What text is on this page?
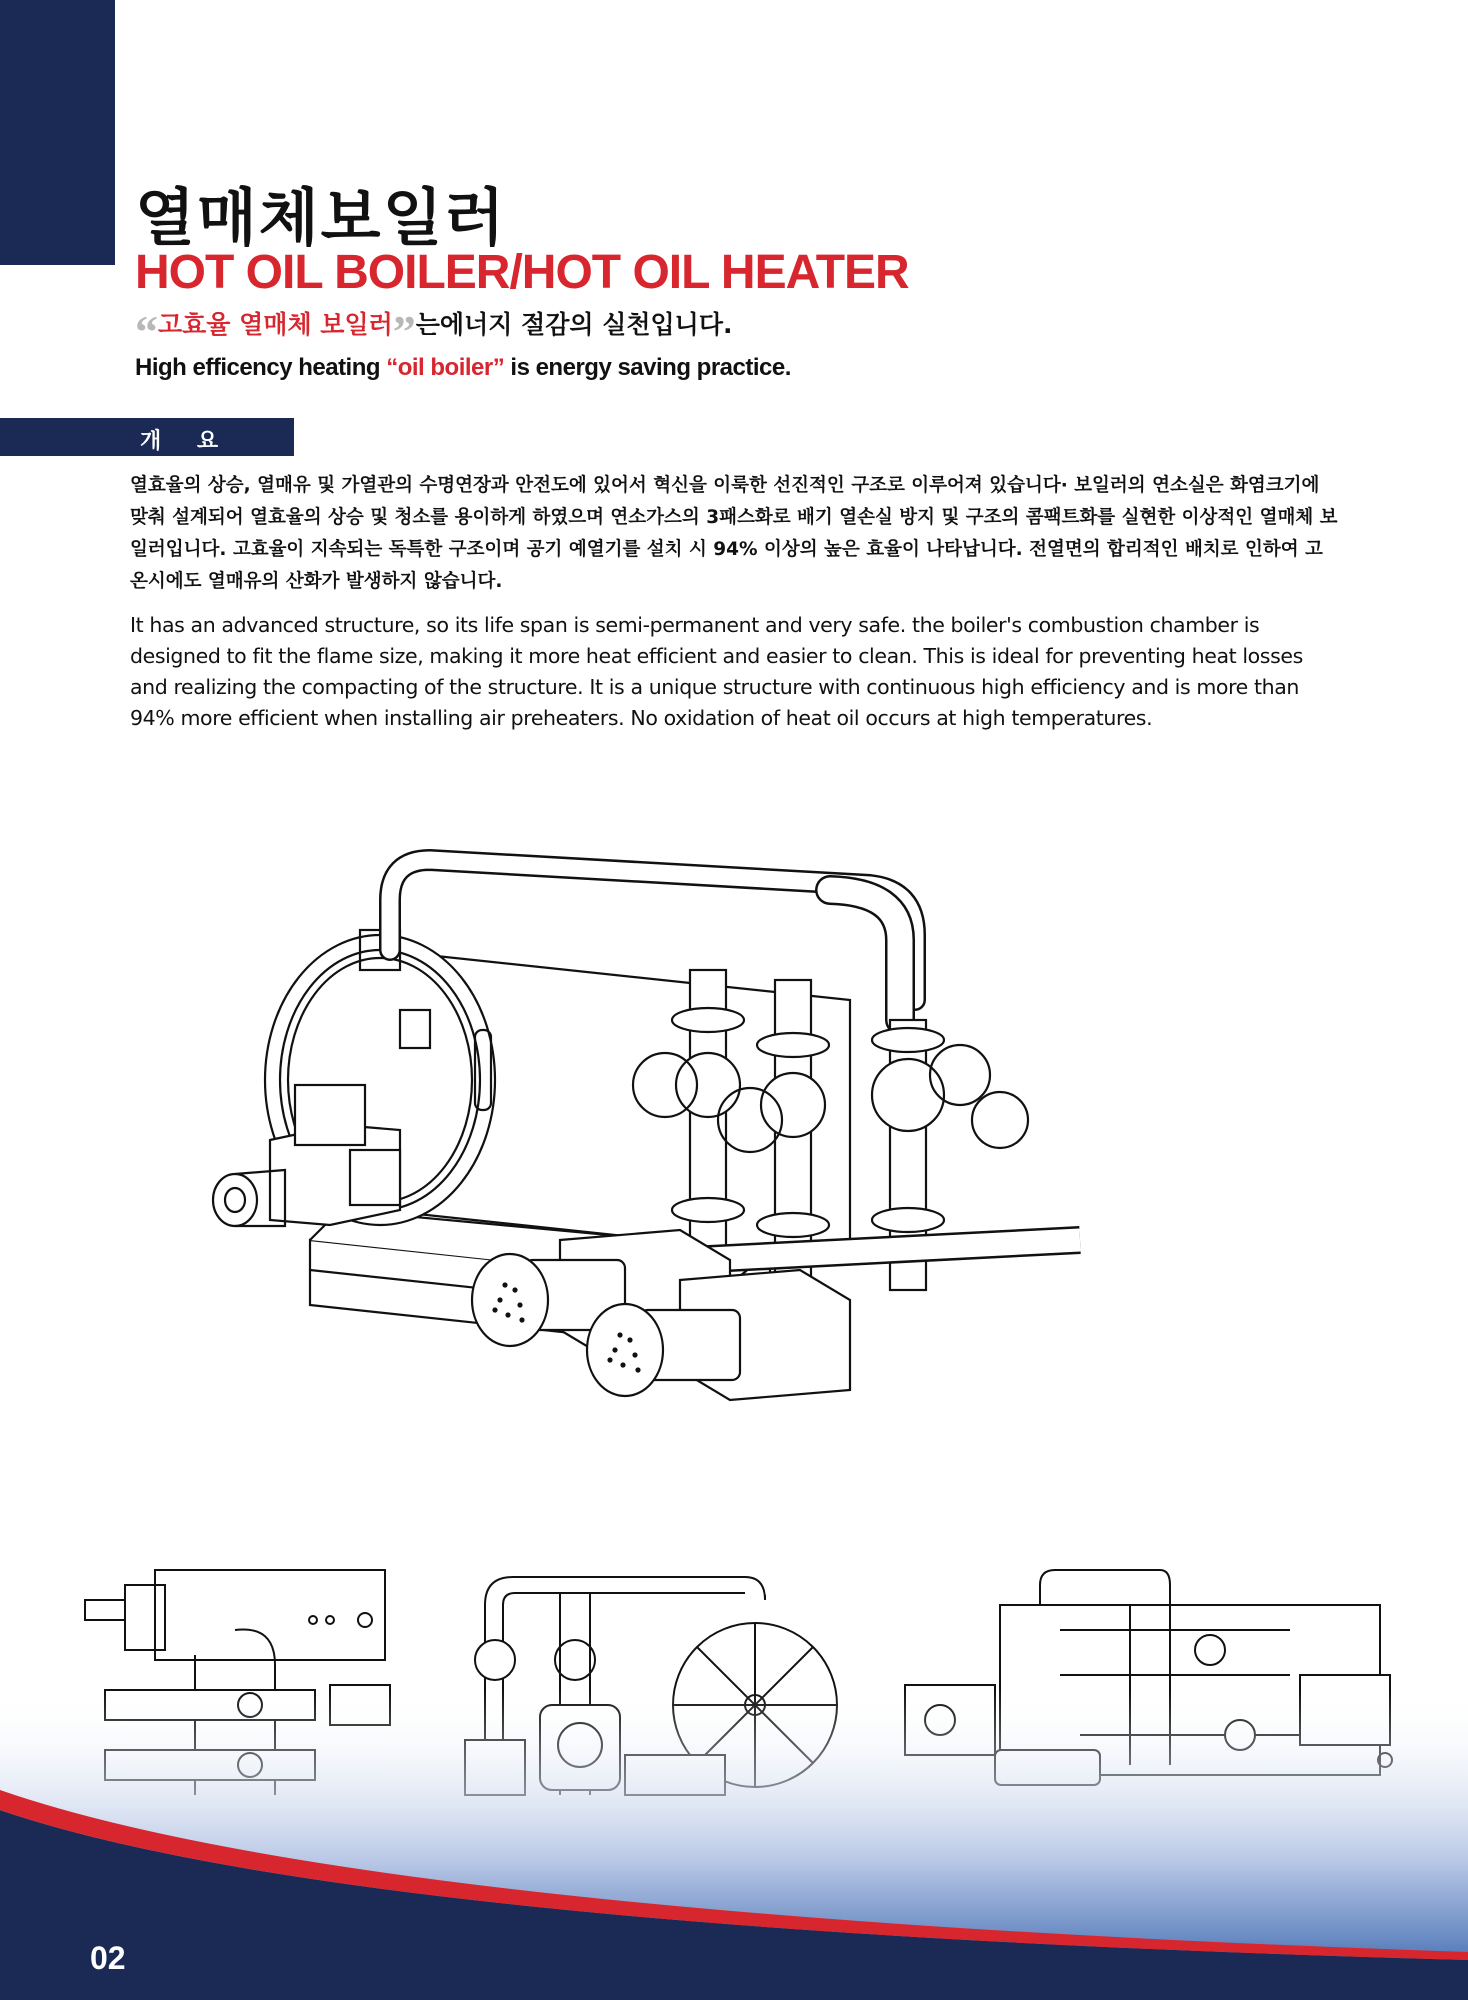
열매체보일러
HOT OIL BOILER/HOT OIL HEATER
“고효율 열매체 보일러”는에너지 절감의 실천입니다.
High efficency heating “oil boiler” is energy saving practice.
개 요

열효율의 상승, 열매유 및 가열관의 수명연장과 안전도에 있어서 혁신을 이룩한 선진적인 구조로 이루어져 있습니다· 보일러의 연소실은 화염크기에 맞춰 설계되어 열효율의 상승 및 청소를 용이하게 하였으며 연소가스의 3패스화로 배기 열손실 방지 및 구조의 콤팩트화를 실현한 이상적인 열매체 보일러입니다. 고효율이 지속되는 독특한 구조이며 공기 예열기를 설치 시 94% 이상의 높은 효율이 나타납니다. 전열면의 합리적인 배치로 인하여 고온시에도 열매유의 산화가 발생하지 않습니다.

It has an advanced structure, so its life span is semi-permanent and very safe. the boiler's combustion chamber is designed to fit the flame size, making it more heat efficient and easier to clean. This is ideal for preventing heat losses and realizing the compacting of the structure. It is a unique structure with continuous high efficiency and is more than 94% more efficient when installing air preheaters. No oxidation of heat oil occurs at high temperatures.

02
